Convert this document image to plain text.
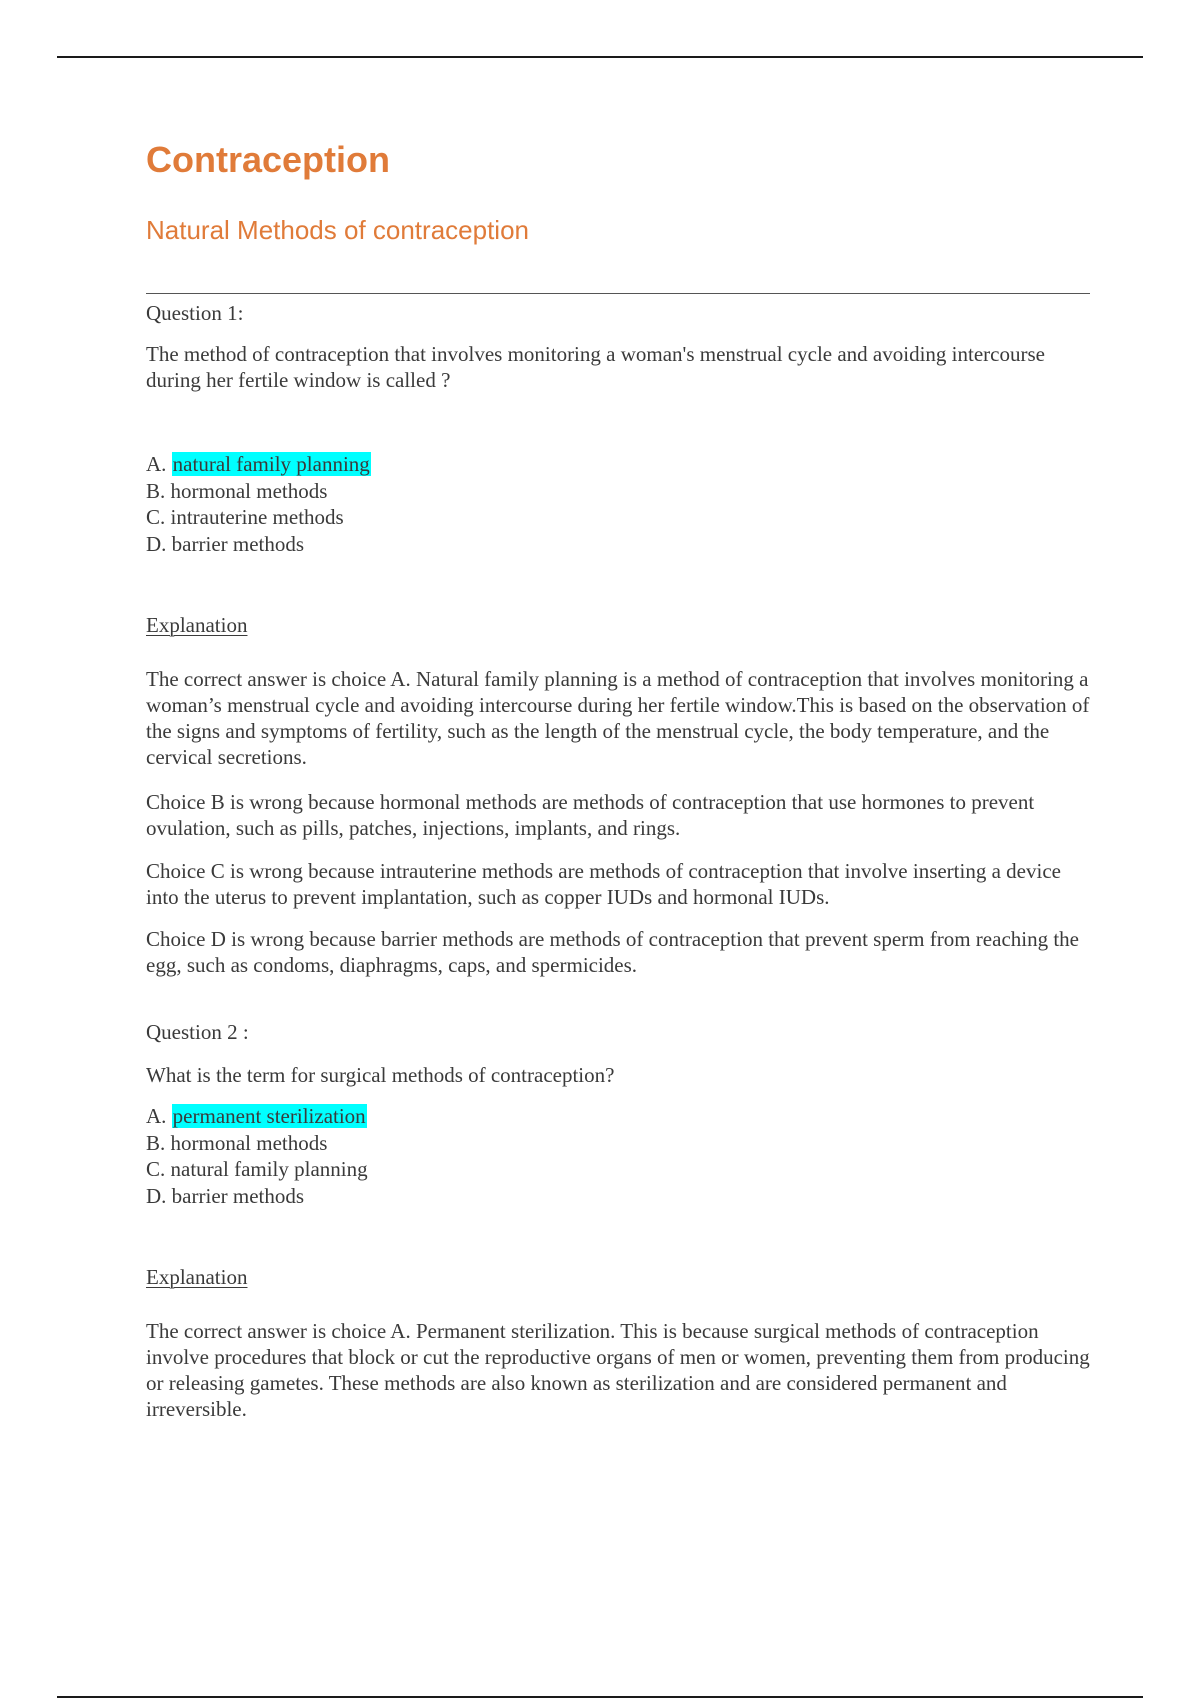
Contraception
Natural Methods of contraception

Question 1:

The method of contraception that involves monitoring a woman's menstrual cycle and avoiding intercourse during her fertile window is called ?

A. natural family planning
B. hormonal methods
C. intrauterine methods
D. barrier methods
Explanation

The correct answer is choice A. Natural family planning is a method of contraception that involves monitoring a woman’s menstrual cycle and avoiding intercourse during her fertile window.This is based on the observation of the signs and symptoms of fertility, such as the length of the menstrual cycle, the body temperature, and the cervical secretions.

Choice B is wrong because hormonal methods are methods of contraception that use hormones to prevent ovulation, such as pills, patches, injections, implants, and rings.

Choice C is wrong because intrauterine methods are methods of contraception that involve inserting a device into the uterus to prevent implantation, such as copper IUDs and hormonal IUDs.

Choice D is wrong because barrier methods are methods of contraception that prevent sperm from reaching the egg, such as condoms, diaphragms, caps, and spermicides.

Question 2 :

What is the term for surgical methods of contraception?

A. permanent sterilization
B. hormonal methods
C. natural family planning
D. barrier methods
Explanation

The correct answer is choice A. Permanent sterilization. This is because surgical methods of contraception involve procedures that block or cut the reproductive organs of men or women, preventing them from producing or releasing gametes. These methods are also known as sterilization and are considered permanent and irreversible.
